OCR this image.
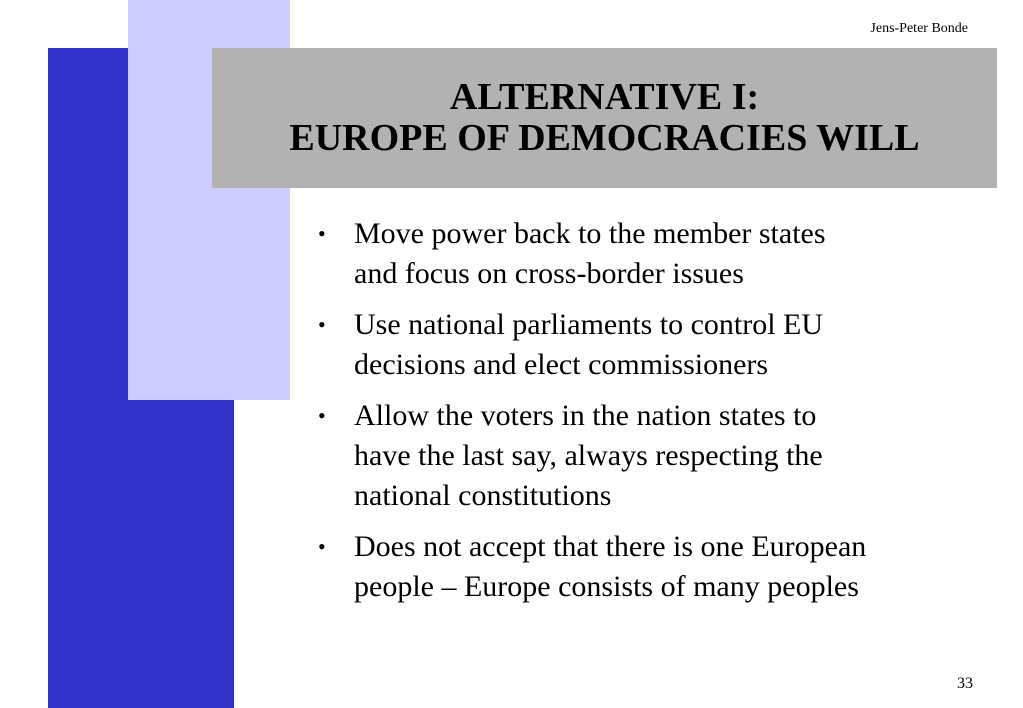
Jens-Peter Bonde
ALTERNATIVE I:
EUROPE OF DEMOCRACIES WILL
• Move power back to the member states
and focus on cross-border issues
• Use national parliaments to control EU
decisions and elect commissioners
• Allow the voters in the nation states to
have the last say, always respecting the
national constitutions
• Does not accept that there is one European
people – Europe consists of many peoples
33
